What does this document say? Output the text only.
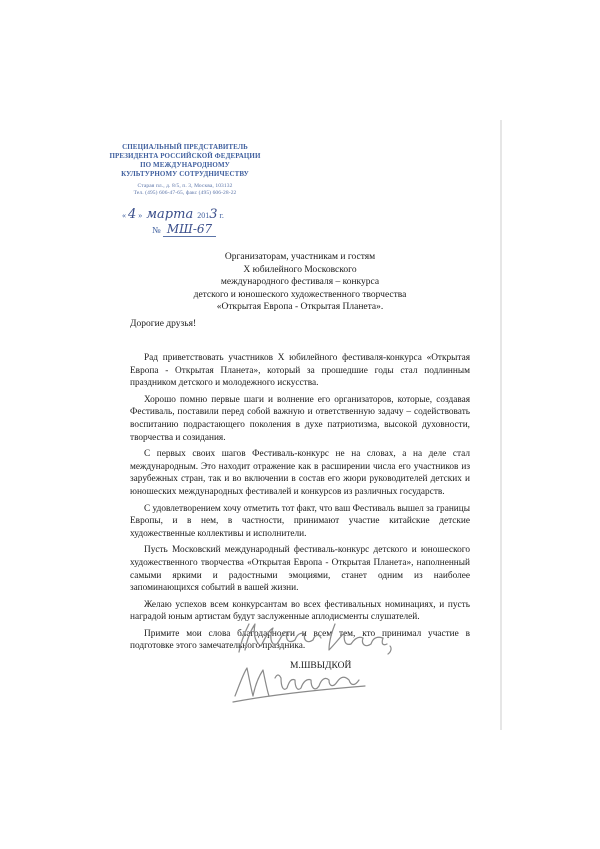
СПЕЦИАЛЬНЫЙ ПРЕДСТАВИТЕЛЬ
ПРЕЗИДЕНТА РОССИЙСКОЙ ФЕДЕРАЦИИ
ПО МЕЖДУНАРОДНОМУ
КУЛЬТУРНОМУ СОТРУДНИЧЕСТВУ
Старая пл., д. 8/5, п. 3, Москва, 103132
Тел. (495) 606-47-65, факс (495) 606-28-22
« 4 » марта 2013 г.
№ МШ-67
Организаторам, участникам и гостям
Х юбилейного Московского
международного фестиваля – конкурса
детского и юношеского художественного творчества
«Открытая Европа - Открытая Планета».
Дорогие друзья!

Рад приветствовать участников Х юбилейного фестиваля-конкурса «Открытая Европа - Открытая Планета», который за прошедшие годы стал подлинным праздником детского и молодежного искусства.

Хорошо помню первые шаги и волнение его организаторов, которые, создавая Фестиваль, поставили перед собой важную и ответственную задачу – содействовать воспитанию подрастающего поколения в духе патриотизма, высокой духовности, творчества и созидания.

С первых своих шагов Фестиваль-конкурс не на словах, а на деле стал международным. Это находит отражение как в расширении числа его участников из зарубежных стран, так и во включении в состав его жюри руководителей детских и юношеских международных фестивалей и конкурсов из различных государств.

С удовлетворением хочу отметить тот факт, что ваш Фестиваль вышел за границы Европы, и в нем, в частности, принимают участие китайские детские художественные коллективы и исполнители.

Пусть Московский международный фестиваль-конкурс детского и юношеского художественного творчества «Открытая Европа - Открытая Планета», наполненный самыми яркими и радостными эмоциями, станет одним из наиболее запоминающихся событий в вашей жизни.

Желаю успехов всем конкурсантам во всех фестивальных номинациях, и пусть наградой юным артистам будут заслуженные аплодисменты слушателей.

Примите мои слова благодарности и всем тем, кто принимал участие в подготовке этого замечательного праздника.

М.ШВЫДКОЙ
